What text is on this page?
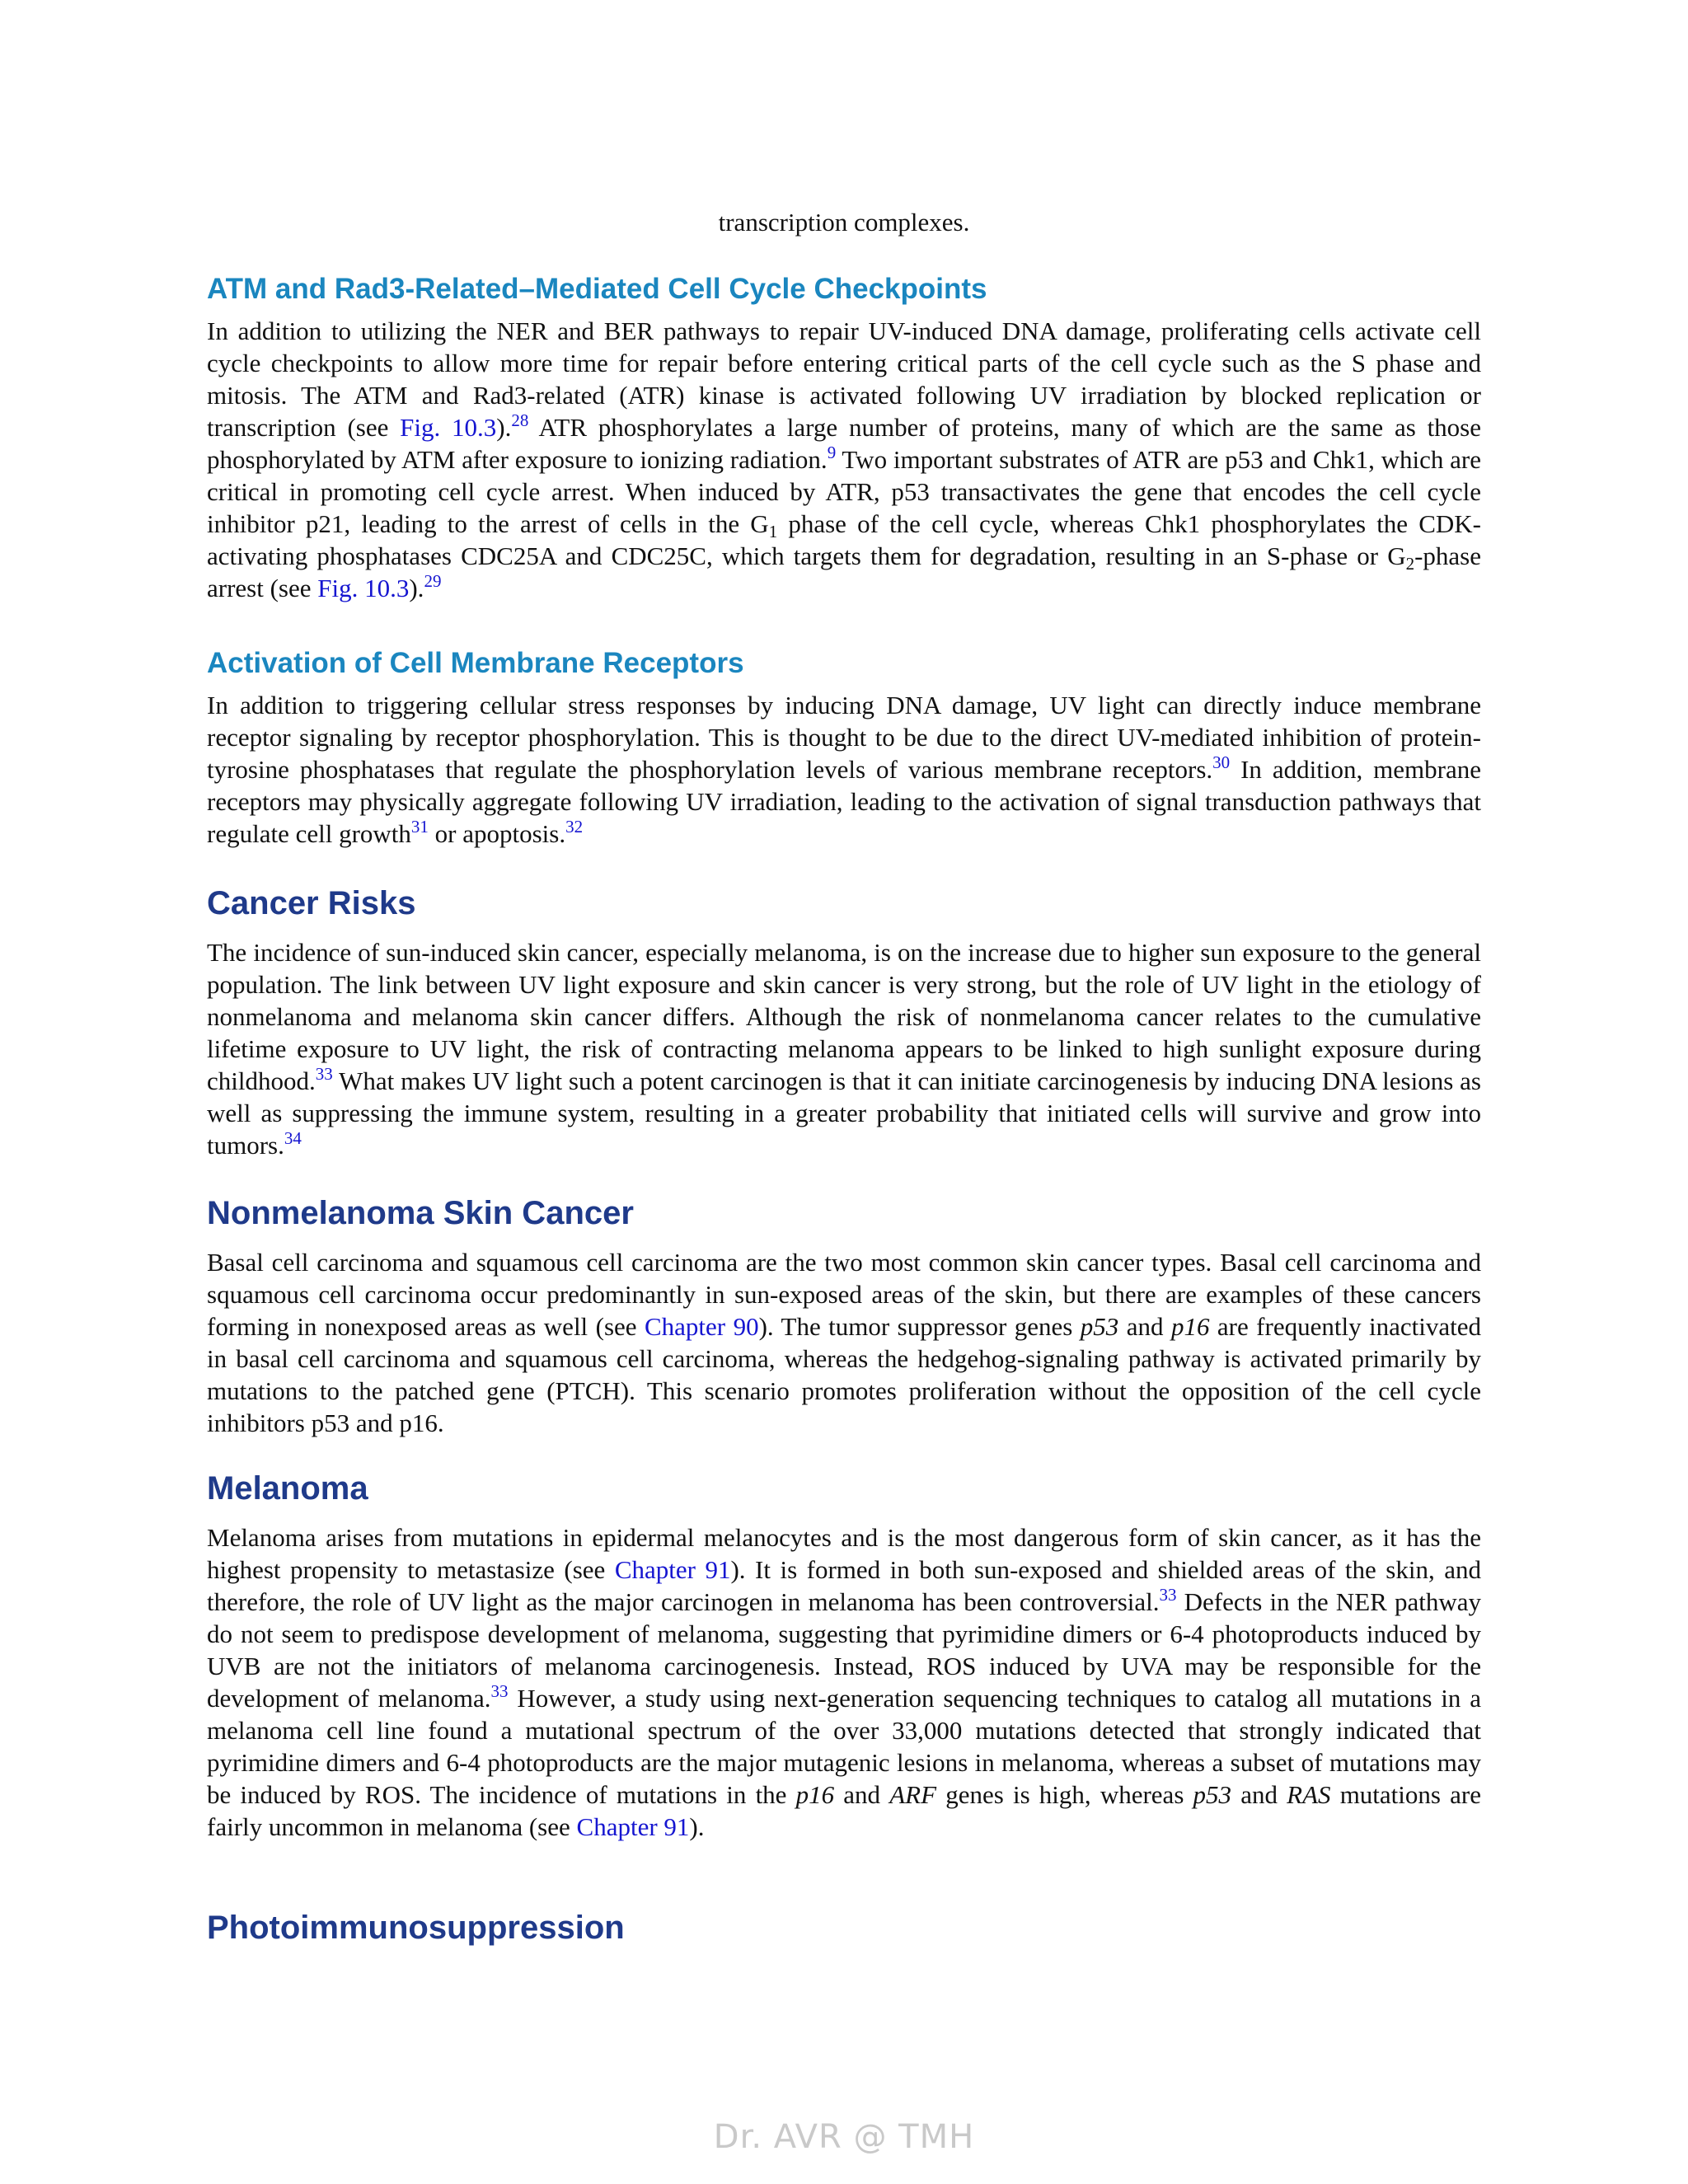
transcription complexes.
ATM and Rad3-Related–Mediated Cell Cycle Checkpoints

In addition to utilizing the NER and BER pathways to repair UV-induced DNA damage, proliferating cells activate cell cycle checkpoints to allow more time for repair before entering critical parts of the cell cycle such as the S phase and mitosis. The ATM and Rad3-related (ATR) kinase is activated following UV irradiation by blocked replication or transcription (see Fig. 10.3).$^{28}$ ATR phosphorylates a large number of proteins, many of which are the same as those phosphorylated by ATM after exposure to ionizing radiation.$^9$ Two important substrates of ATR are p53 and Chk1, which are critical in promoting cell cycle arrest. When induced by ATR, p53 transactivates the gene that encodes the cell cycle inhibitor p21, leading to the arrest of cells in the $G_1$ phase of the cell cycle, whereas Chk1 phosphorylates the CDK-activating phosphatases CDC25A and CDC25C, which targets them for degradation, resulting in an S-phase or $G_2$-phase arrest (see Fig. 10.3).$^{29}$

Activation of Cell Membrane Receptors

In addition to triggering cellular stress responses by inducing DNA damage, UV light can directly induce membrane receptor signaling by receptor phosphorylation. This is thought to be due to the direct UV-mediated inhibition of protein-tyrosine phosphatases that regulate the phosphorylation levels of various membrane receptors.$^{30}$ In addition, membrane receptors may physically aggregate following UV irradiation, leading to the activation of signal transduction pathways that regulate cell growth$^{31}$ or apoptosis.$^{32}$

Cancer Risks

The incidence of sun-induced skin cancer, especially melanoma, is on the increase due to higher sun exposure to the general population. The link between UV light exposure and skin cancer is very strong, but the role of UV light in the etiology of nonmelanoma and melanoma skin cancer differs. Although the risk of nonmelanoma cancer relates to the cumulative lifetime exposure to UV light, the risk of contracting melanoma appears to be linked to high sunlight exposure during childhood.$^{33}$ What makes UV light such a potent carcinogen is that it can initiate carcinogenesis by inducing DNA lesions as well as suppressing the immune system, resulting in a greater probability that initiated cells will survive and grow into tumors.$^{34}$

Nonmelanoma Skin Cancer

Basal cell carcinoma and squamous cell carcinoma are the two most common skin cancer types. Basal cell carcinoma and squamous cell carcinoma occur predominantly in sun-exposed areas of the skin, but there are examples of these cancers forming in nonexposed areas as well (see Chapter 90). The tumor suppressor genes p53 and p16 are frequently inactivated in basal cell carcinoma and squamous cell carcinoma, whereas the hedgehog-signaling pathway is activated primarily by mutations to the patched gene (PTCH). This scenario promotes proliferation without the opposition of the cell cycle inhibitors p53 and p16.

Melanoma

Melanoma arises from mutations in epidermal melanocytes and is the most dangerous form of skin cancer, as it has the highest propensity to metastasize (see Chapter 91). It is formed in both sun-exposed and shielded areas of the skin, and therefore, the role of UV light as the major carcinogen in melanoma has been controversial.$^{33}$ Defects in the NER pathway do not seem to predispose development of melanoma, suggesting that pyrimidine dimers or 6-4 photoproducts induced by UVB are not the initiators of melanoma carcinogenesis. Instead, ROS induced by UVA may be responsible for the development of melanoma.$^{33}$ However, a study using next-generation sequencing techniques to catalog all mutations in a melanoma cell line found a mutational spectrum of the over 33,000 mutations detected that strongly indicated that pyrimidine dimers and 6-4 photoproducts are the major mutagenic lesions in melanoma, whereas a subset of mutations may be induced by ROS. The incidence of mutations in the p16 and ARF genes is high, whereas p53 and RAS mutations are fairly uncommon in melanoma (see Chapter 91).

Photoimmunosuppression
Dr. AVR @ TMH
